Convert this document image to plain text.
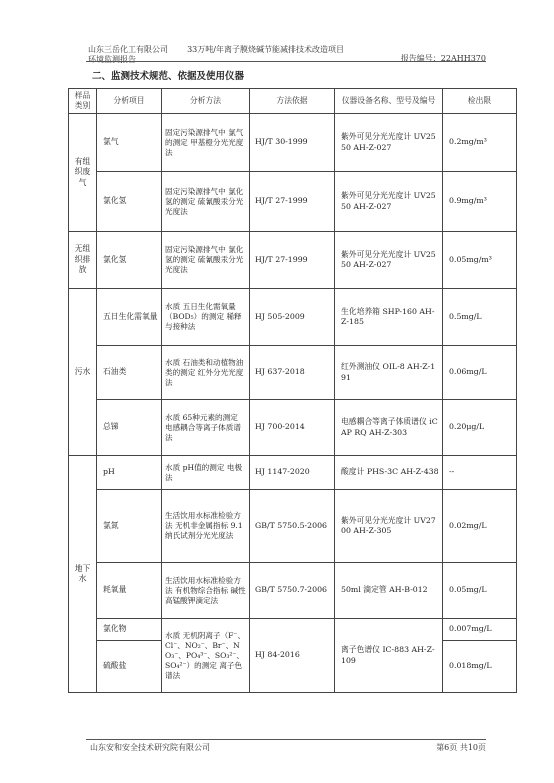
山东三岳化工有限公司 33万吨/年离子膜烧碱节能减排技术改造项目
环境监测报告	报告编号：22AHH370
二、监测技术规范、依据及使用仪器
样品类别	分析项目	分析方法	方法依据	仪器设备名称、型号及编号	检出限
有组织废气	氯气	固定污染源排气中 氯气的测定 甲基橙分光光度法	HJ/T 30-1999	紫外可见分光光度计 UV2550 AH-Z-027	0.2mg/m³
	氯化氢	固定污染源排气中 氯化氢的测定 硫氰酸汞分光光度法	HJ/T 27-1999	紫外可见分光光度计 UV2550 AH-Z-027	0.9mg/m³
无组织排放	氯化氢	固定污染源排气中 氯化氢的测定 硫氰酸汞分光光度法	HJ/T 27-1999	紫外可见分光光度计 UV2550 AH-Z-027	0.05mg/m³
污水	五日生化需氧量	水质 五日生化需氧量（BOD₅）的测定 稀释与接种法	HJ 505-2009	生化培养箱 SHP-160 AH-Z-185	0.5mg/L
	石油类	水质 石油类和动植物油类的测定 红外分光光度法	HJ 637-2018	红外测油仪 OIL-8 AH-Z-191	0.06mg/L
	总锑	水质 65种元素的测定 电感耦合等离子体质谱法	HJ 700-2014	电感耦合等离子体质谱仪 iCAP RQ AH-Z-303	0.20μg/L
地下水	pH	水质 pH值的测定 电极法	HJ 1147-2020	酸度计 PHS-3C AH-Z-438	--
	氯氮	生活饮用水标准检验方法 无机非金属指标 9.1 纳氏试剂分光光度法	GB/T 5750.5-2006	紫外可见分光光度计 UV2700 AH-Z-305	0.02mg/L
	耗氧量	生活饮用水标准检验方法 有机物综合指标 碱性高锰酸钾滴定法	GB/T 5750.7-2006	50ml 滴定管 AH-B-012	0.05mg/L
	氯化物	水质 无机阴离子（F⁻、Cl⁻、NO₂⁻、Br⁻、NO₃⁻、PO₄³⁻、SO₃²⁻、SO₄²⁻）的测定 离子色谱法	HJ 84-2016	离子色谱仪 IC-883 AH-Z-109	0.007mg/L
	硫酸盐				0.018mg/L
山东安和安全技术研究院有限公司	第6页 共10页
